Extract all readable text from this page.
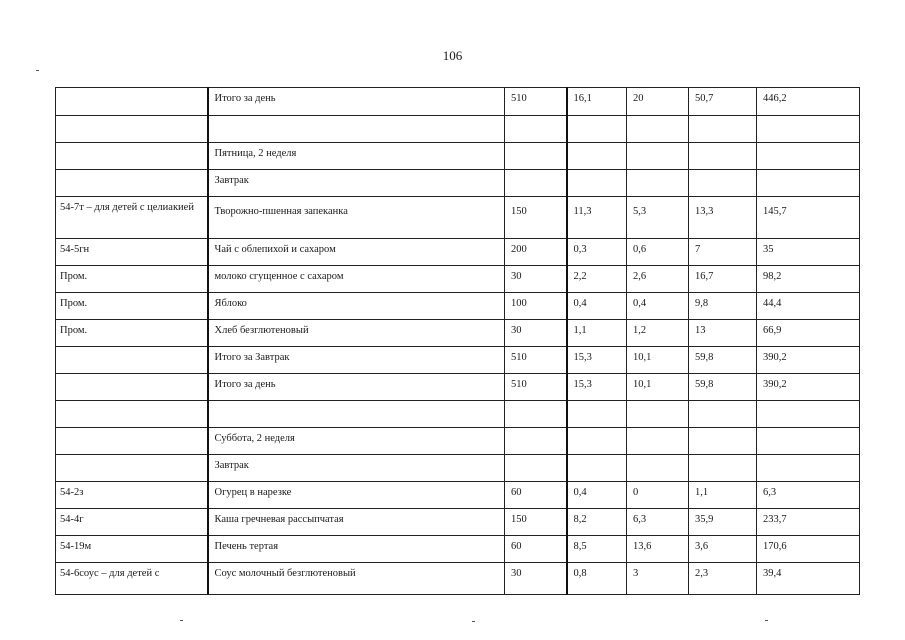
106
	Итого за день	510	16,1	20	50,7	446,2

	Пятница, 2 неделя					
	Завтрак					
54-7т – для детей с целиакией	Творожно-пшенная запеканка	150	11,3	5,3	13,3	145,7
54-5гн	Чай с облепихой и сахаром	200	0,3	0,6	7	35
Пром.	молоко сгущенное с сахаром	30	2,2	2,6	16,7	98,2
Пром.	Яблоко	100	0,4	0,4	9,8	44,4
Пром.	Хлеб безглютеновый	30	1,1	1,2	13	66,9
	Итого за Завтрак	510	15,3	10,1	59,8	390,2
	Итого за день	510	15,3	10,1	59,8	390,2

	Суббота, 2 неделя					
	Завтрак					
54-2з	Огурец в нарезке	60	0,4	0	1,1	6,3
54-4г	Каша гречневая рассыпчатая	150	8,2	6,3	35,9	233,7
54-19м	Печень тертая	60	8,5	13,6	3,6	170,6
54-6соус – для детей с	Соус молочный безглютеновый	30	0,8	3	2,3	39,4
